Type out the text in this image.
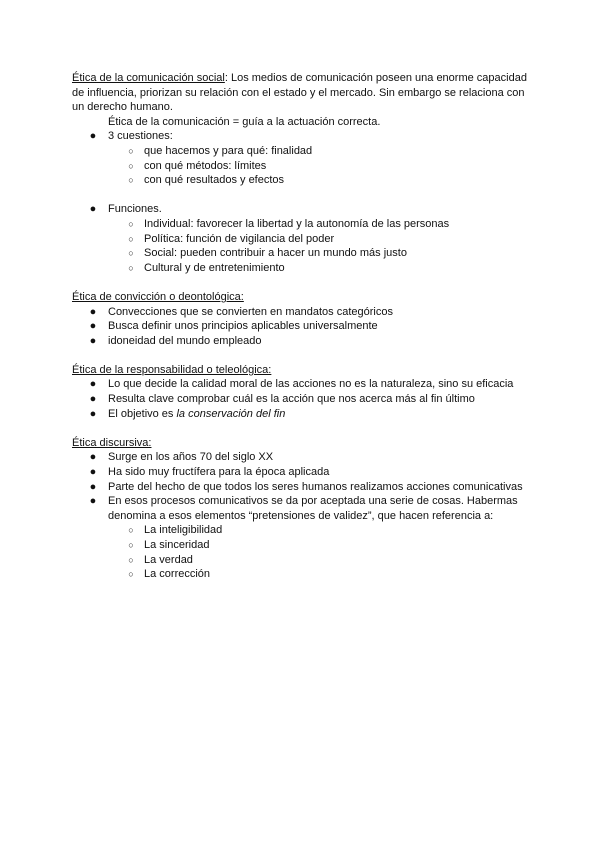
Ética de la comunicación social: Los medios de comunicación poseen una enorme capacidad de influencia, priorizan su relación con el estado y el mercado. Sin embargo se relaciona con un derecho humano.

Ética de la comunicación = guía a la actuación correcta.

● 3 cuestiones:
○ que hacemos y para qué: finalidad
○ con qué métodos: límites
○ con qué resultados y efectos
● Funciones.
○ Individual: favorecer la libertad y la autonomía de las personas
○ Política: función de vigilancia del poder
○ Social: pueden contribuir a hacer un mundo más justo
○ Cultural y de entretenimiento

Ética de convicción o deontológica:

● Convecciones que se convierten en mandatos categóricos
● Busca definir unos principios aplicables universalmente
● idoneidad del mundo empleado

Ética de la responsabilidad o teleológica:

● Lo que decide la calidad moral de las acciones no es la naturaleza, sino su eficacia
● Resulta clave comprobar cuál es la acción que nos acerca más al fin último
● El objetivo es la conservación del fin

Ética discursiva:

● Surge en los años 70 del siglo XX
● Ha sido muy fructífera para la época aplicada
● Parte del hecho de que todos los seres humanos realizamos acciones comunicativas
● En esos procesos comunicativos se da por aceptada una serie de cosas. Habermas denomina a esos elementos “pretensiones de validez”, que hacen referencia a:
○ La inteligibilidad
○ La sinceridad
○ La verdad
○ La corrección
